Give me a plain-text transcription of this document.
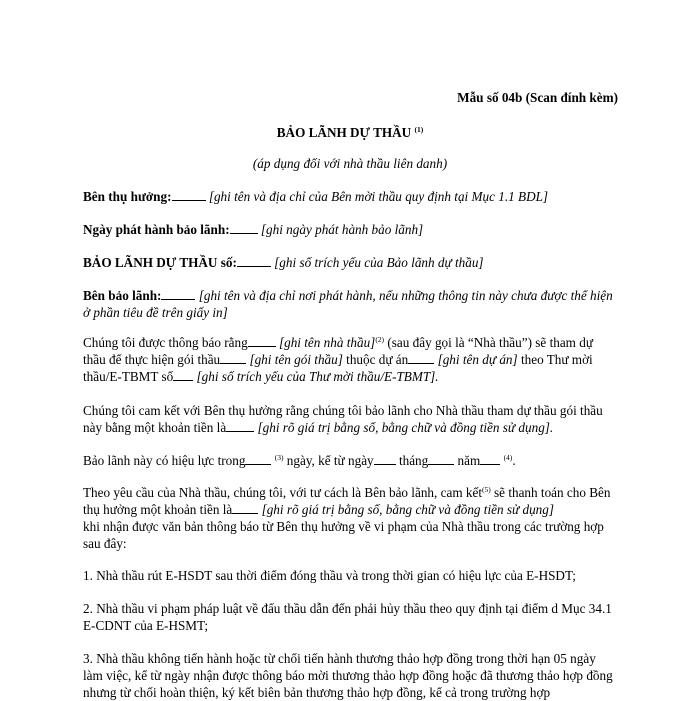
Mẫu số 04b (Scan đính kèm)
BẢO LÃNH DỰ THẦU $^{(1)}$
(áp dụng đối với nhà thầu liên danh)
Bên thụ hưởng:	[ghi tên và địa chỉ của Bên mời thầu quy định tại Mục 1.1 BDL]
Ngày phát hành bảo lãnh: [ghi ngày phát hành bảo lãnh]
BẢO LÃNH DỰ THẦU số:	[ghi số trích yếu của Bảo lãnh dự thầu]
Bên bảo lãnh:	[ghi tên và địa chỉ nơi phát hành, nếu những thông tin này chưa được thể hiện ở phần tiêu đề trên giấy in]

Chúng tôi được thông báo rằng [ghi tên nhà thầu]$^{(2)}$ (sau đây gọi là “Nhà thầu”) sẽ tham dự thầu để thực hiện gói thầu [ghi tên gói thầu] thuộc dự án [ghi tên dự án] theo Thư mời thầu/E-TBMT số [ghi số trích yếu của Thư mời thầu/E-TBMT].

Chúng tôi cam kết với Bên thụ hưởng rằng chúng tôi bảo lãnh cho Nhà thầu tham dự thầu gói thầu này bằng một khoản tiền là [ghi rõ giá trị bằng số, bằng chữ và đồng tiền sử dụng].

Bảo lãnh này có hiệu lực trong	$^{(3)}$ ngày, kể từ ngày tháng năm	$^{(4)}$.

Theo yêu cầu của Nhà thầu, chúng tôi, với tư cách là Bên bảo lãnh, cam kết$^{(5)}$ sẽ thanh toán cho Bên thụ hưởng một khoản tiền là [ghi rõ giá trị bằng số, bằng chữ và đồng tiền sử dụng]
khi nhận được văn bản thông báo từ Bên thụ hưởng về vi phạm của Nhà thầu trong các trường hợp sau đây:

1. Nhà thầu rút E-HSDT sau thời điểm đóng thầu và trong thời gian có hiệu lực của E-HSDT;

2. Nhà thầu vi phạm pháp luật về đấu thầu dẫn đến phải hủy thầu theo quy định tại điểm d Mục 34.1 E-CDNT của E-HSMT;

3. Nhà thầu không tiến hành hoặc từ chối tiến hành thương thảo hợp đồng trong thời hạn 05 ngày làm việc, kể từ ngày nhận được thông báo mời thương thảo hợp đồng hoặc đã thương thảo hợp đồng nhưng từ chối hoàn thiện, ký kết biên bản thương thảo hợp đồng, kể cả trong trường hợp
